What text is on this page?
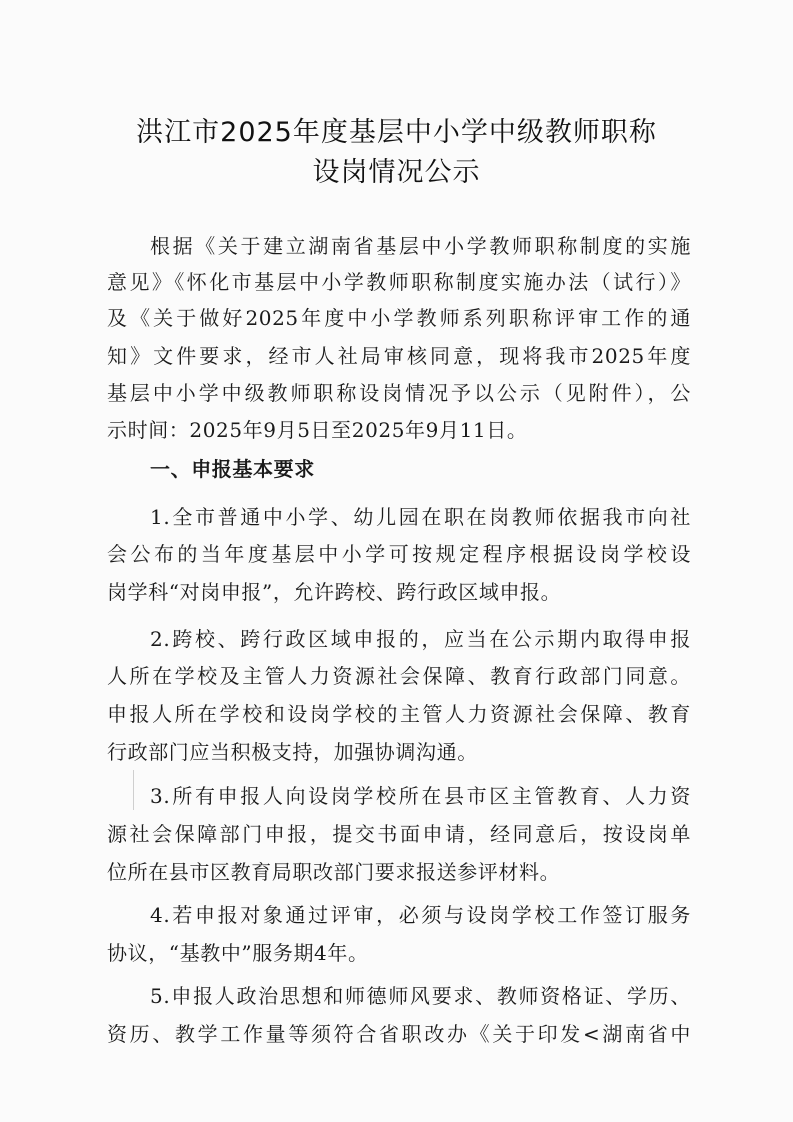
洪江市2025年度基层中小学中级教师职称
设岗情况公示
根据《关于建立湖南省基层中小学教师职称制度的实施
意见》《怀化市基层中小学教师职称制度实施办法（试行）》
及《关于做好2025年度中小学教师系列职称评审工作的通
知》文件要求，经市人社局审核同意，现将我市2025年度
基层中小学中级教师职称设岗情况予以公示（见附件），公
示时间：2025年9月5日至2025年9月11日。
一、申报基本要求
1.全市普通中小学、幼儿园在职在岗教师依据我市向社
会公布的当年度基层中小学可按规定程序根据设岗学校设
岗学科“对岗申报”，允许跨校、跨行政区域申报。
2.跨校、跨行政区域申报的，应当在公示期内取得申报
人所在学校及主管人力资源社会保障、教育行政部门同意。
申报人所在学校和设岗学校的主管人力资源社会保障、教育
行政部门应当积极支持，加强协调沟通。
3.所有申报人向设岗学校所在县市区主管教育、人力资
源社会保障部门申报，提交书面申请，经同意后，按设岗单
位所在县市区教育局职改部门要求报送参评材料。
4.若申报对象通过评审，必须与设岗学校工作签订服务
协议，“基教中”服务期4年。
5.申报人政治思想和师德师风要求、教师资格证、学历、
资历、教学工作量等须符合省职改办《关于印发<湖南省中
